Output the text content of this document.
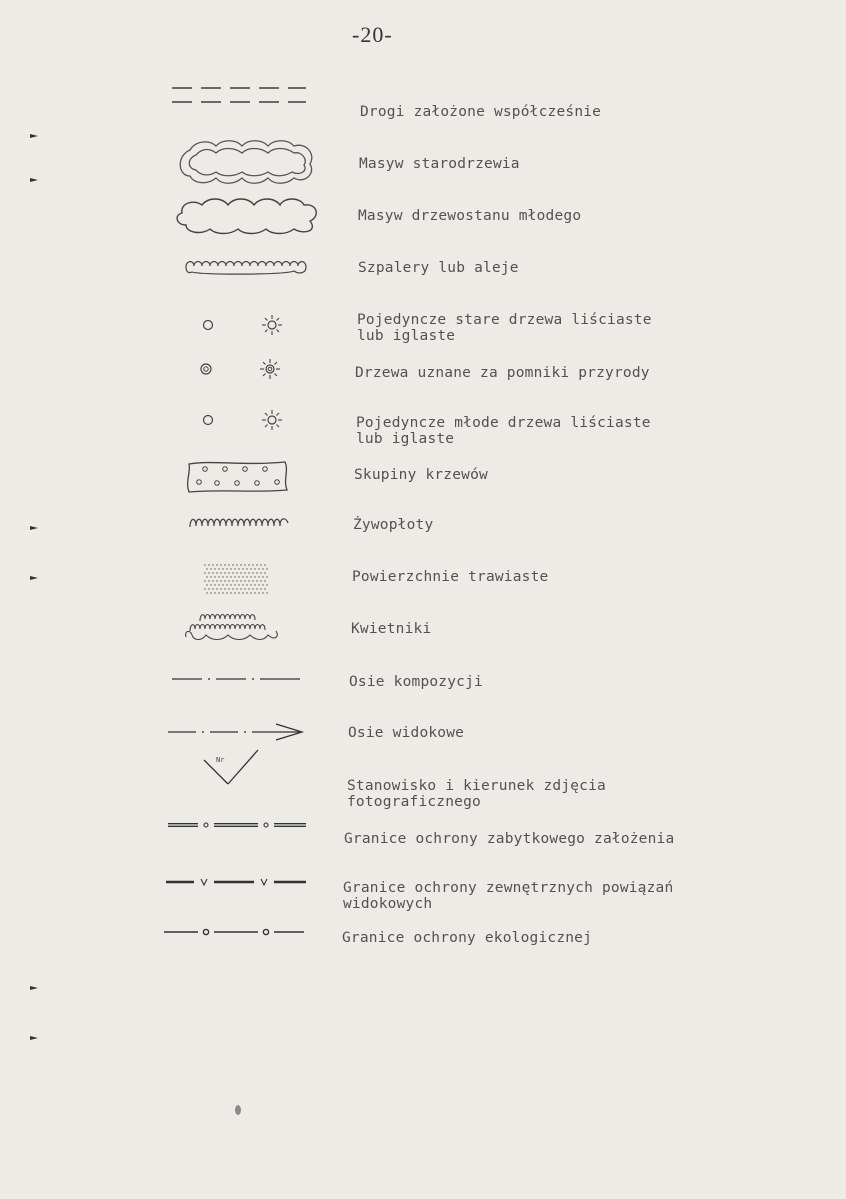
-20-
Drogi założone współcześnie
Masyw starodrzewia
Masyw drzewostanu młodego
Szpalery lub aleje
Pojedyncze stare drzewa liściaste
lub iglaste
Drzewa uznane za pomniki przyrody
Pojedyncze młode drzewa liściaste
lub iglaste
Skupiny krzewów
Żywopłoty
Powierzchnie trawiaste
Kwietniki
Osie kompozycji
Osie widokowe
Stanowisko i kierunek zdjęcia
fotograficznego
Granice ochrony zabytkowego założenia
Granice ochrony zewnętrznych powiązań
widokowych
Granice ochrony ekologicznej
Nr
